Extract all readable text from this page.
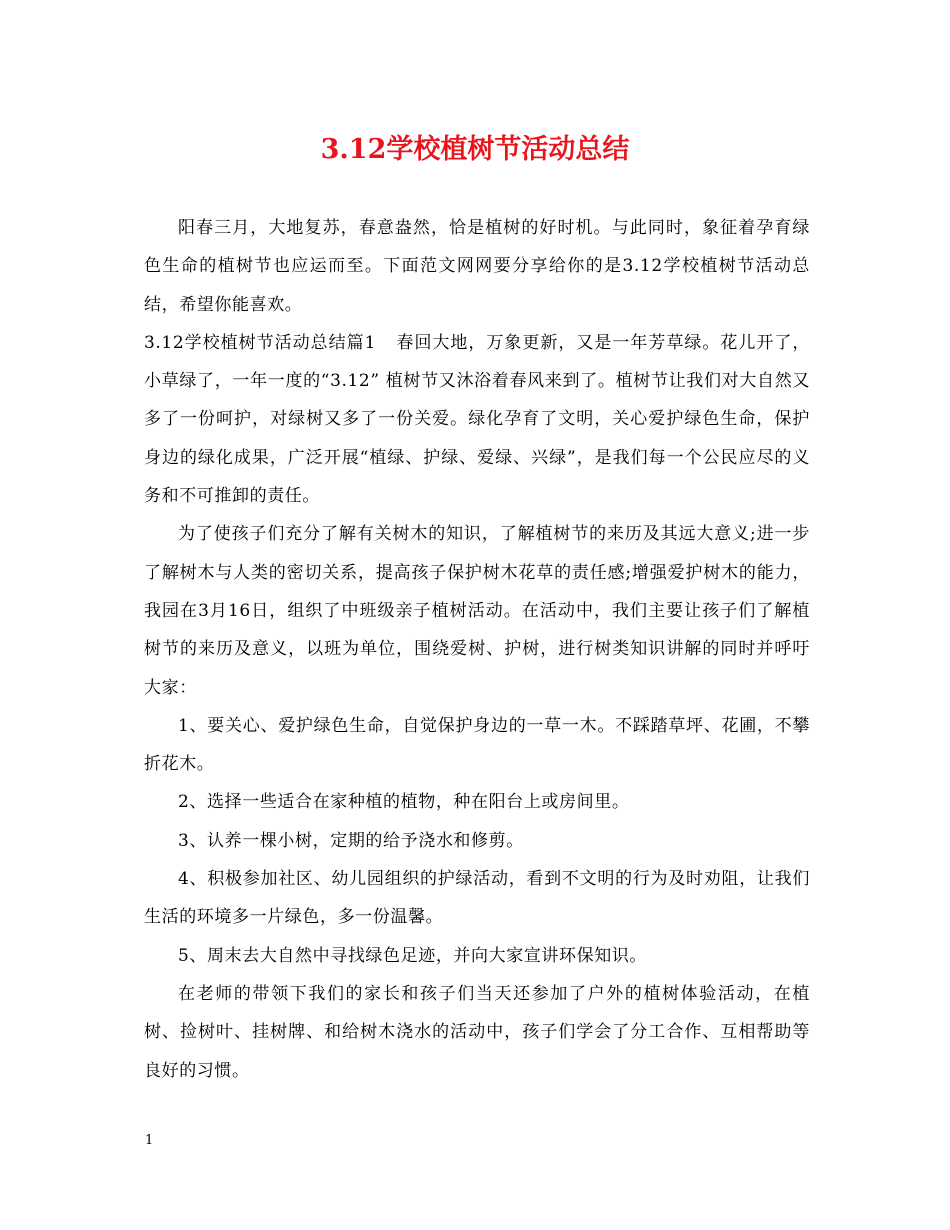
3.12学校植树节活动总结

阳春三月，大地复苏，春意盎然，恰是植树的好时机。与此同时，象征着孕育绿色生命的植树节也应运而至。下面范文网网要分享给你的是3.12学校植树节活动总结，希望你能喜欢。

3.12学校植树节活动总结篇1 春回大地，万象更新，又是一年芳草绿。花儿开了，小草绿了，一年一度的“3.12” 植树节又沐浴着春风来到了。植树节让我们对大自然又多了一份呵护，对绿树又多了一份关爱。绿化孕育了文明，关心爱护绿色生命，保护身边的绿化成果，广泛开展“植绿、护绿、爱绿、兴绿”，是我们每一个公民应尽的义务和不可推卸的责任。

为了使孩子们充分了解有关树木的知识，了解植树节的来历及其远大意义;进一步了解树木与人类的密切关系，提高孩子保护树木花草的责任感;增强爱护树木的能力，我园在3月16日，组织了中班级亲子植树活动。在活动中，我们主要让孩子们了解植树节的来历及意义，以班为单位，围绕爱树、护树，进行树类知识讲解的同时并呼吁大家：

1、要关心、爱护绿色生命，自觉保护身边的一草一木。不踩踏草坪、花圃，不攀折花木。

2、选择一些适合在家种植的植物，种在阳台上或房间里。

3、认养一棵小树，定期的给予浇水和修剪。

4、积极参加社区、幼儿园组织的护绿活动，看到不文明的行为及时劝阻，让我们生活的环境多一片绿色，多一份温馨。

5、周末去大自然中寻找绿色足迹，并向大家宣讲环保知识。

在老师的带领下我们的家长和孩子们当天还参加了户外的植树体验活动，在植树、捡树叶、挂树牌、和给树木浇水的活动中，孩子们学会了分工合作、互相帮助等良好的习惯。

1
